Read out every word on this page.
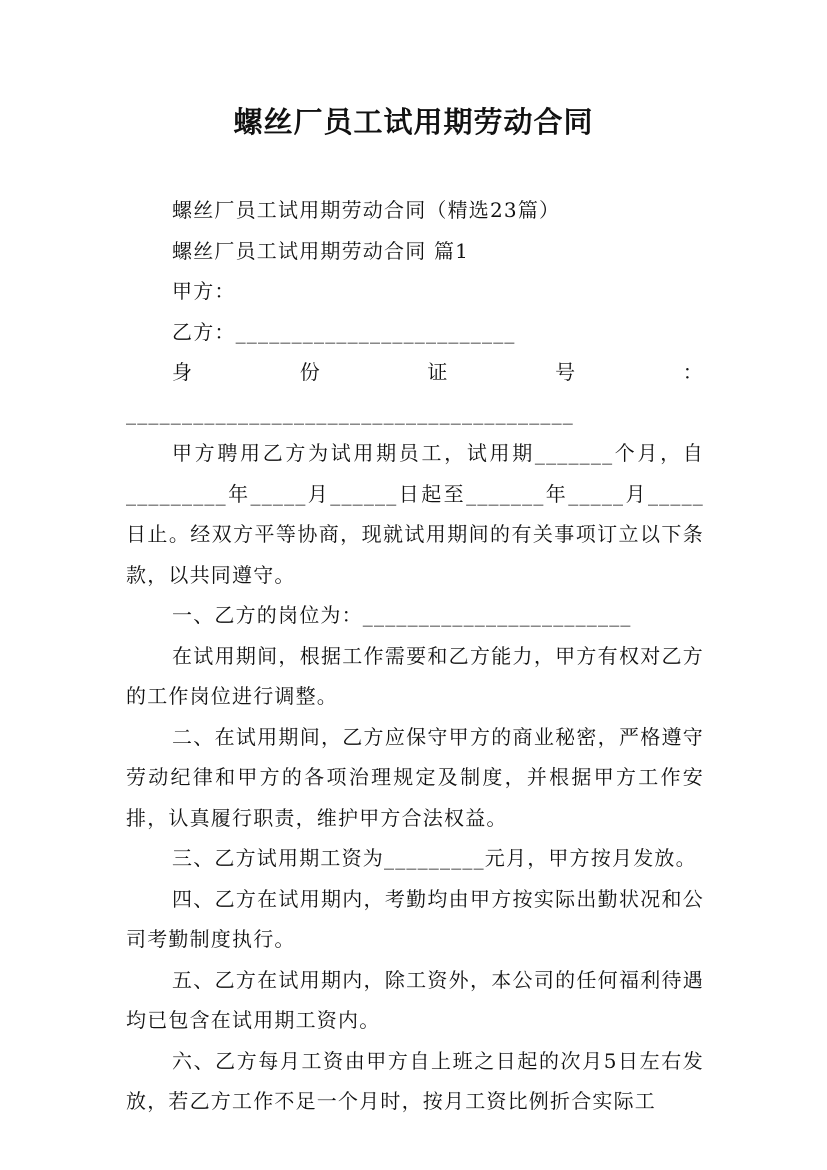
螺丝厂员工试用期劳动合同

螺丝厂员工试用期劳动合同（精选23篇）

螺丝厂员工试用期劳动合同 篇1

甲方：

乙方：_________________________

身份证号：________________________________________

甲方聘用乙方为试用期员工，试用期_______个月，自_________年_____月______日起至_______年_____月_____日止。经双方平等协商，现就试用期间的有关事项订立以下条款，以共同遵守。

一、乙方的岗位为：________________________

在试用期间，根据工作需要和乙方能力，甲方有权对乙方的工作岗位进行调整。

二、在试用期间，乙方应保守甲方的商业秘密，严格遵守劳动纪律和甲方的各项治理规定及制度，并根据甲方工作安排，认真履行职责，维护甲方合法权益。

三、乙方试用期工资为_________元月，甲方按月发放。

四、乙方在试用期内，考勤均由甲方按实际出勤状况和公司考勤制度执行。

五、乙方在试用期内，除工资外，本公司的任何福利待遇均已包含在试用期工资内。

六、乙方每月工资由甲方自上班之日起的次月5日左右发放，若乙方工作不足一个月时，按月工资比例折合实际工
